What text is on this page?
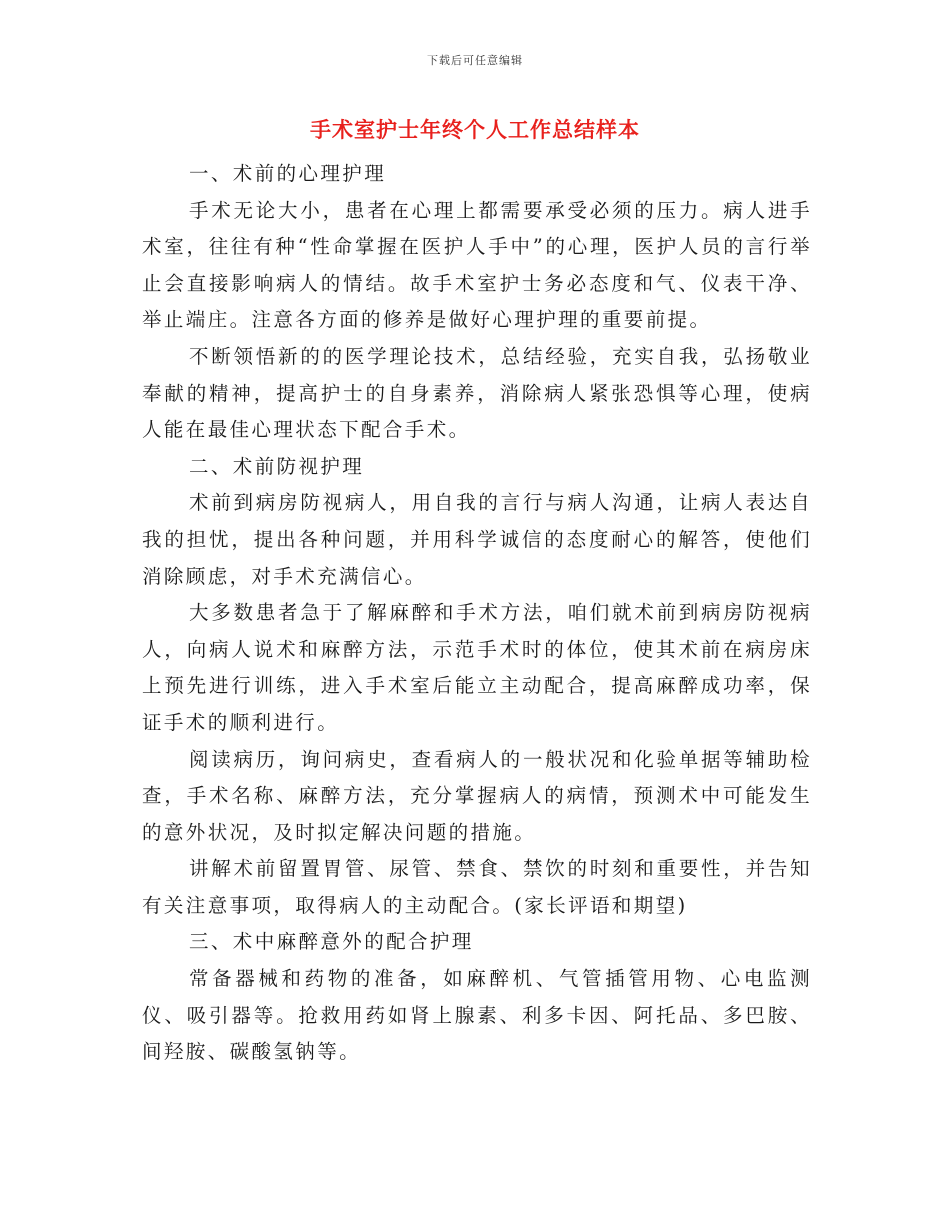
下载后可任意编辑
手术室护士年终个人工作总结样本

一、术前的心理护理

手术无论大小，患者在心理上都需要承受必须的压力。病人进手术室，往往有种“性命掌握在医护人手中”的心理，医护人员的言行举止会直接影响病人的情结。故手术室护士务必态度和气、仪表干净、举止端庄。注意各方面的修养是做好心理护理的重要前提。

不断领悟新的的医学理论技术，总结经验，充实自我，弘扬敬业奉献的精神，提高护士的自身素养，消除病人紧张恐惧等心理，使病人能在最佳心理状态下配合手术。

二、术前防视护理

术前到病房防视病人，用自我的言行与病人沟通，让病人表达自我的担忧，提出各种问题，并用科学诚信的态度耐心的解答，使他们消除顾虑，对手术充满信心。

大多数患者急于了解麻醉和手术方法，咱们就术前到病房防视病人，向病人说术和麻醉方法，示范手术时的体位，使其术前在病房床上预先进行训练，进入手术室后能立主动配合，提高麻醉成功率，保证手术的顺利进行。

阅读病历，询问病史，查看病人的一般状况和化验单据等辅助检查，手术名称、麻醉方法，充分掌握病人的病情，预测术中可能发生的意外状况，及时拟定解决问题的措施。

讲解术前留置胃管、尿管、禁食、禁饮的时刻和重要性，并告知有关注意事项，取得病人的主动配合。(家长评语和期望)

三、术中麻醉意外的配合护理

常备器械和药物的准备，如麻醉机、气管插管用物、心电监测仪、吸引器等。抢救用药如肾上腺素、利多卡因、阿托品、多巴胺、间羟胺、碳酸氢钠等。
